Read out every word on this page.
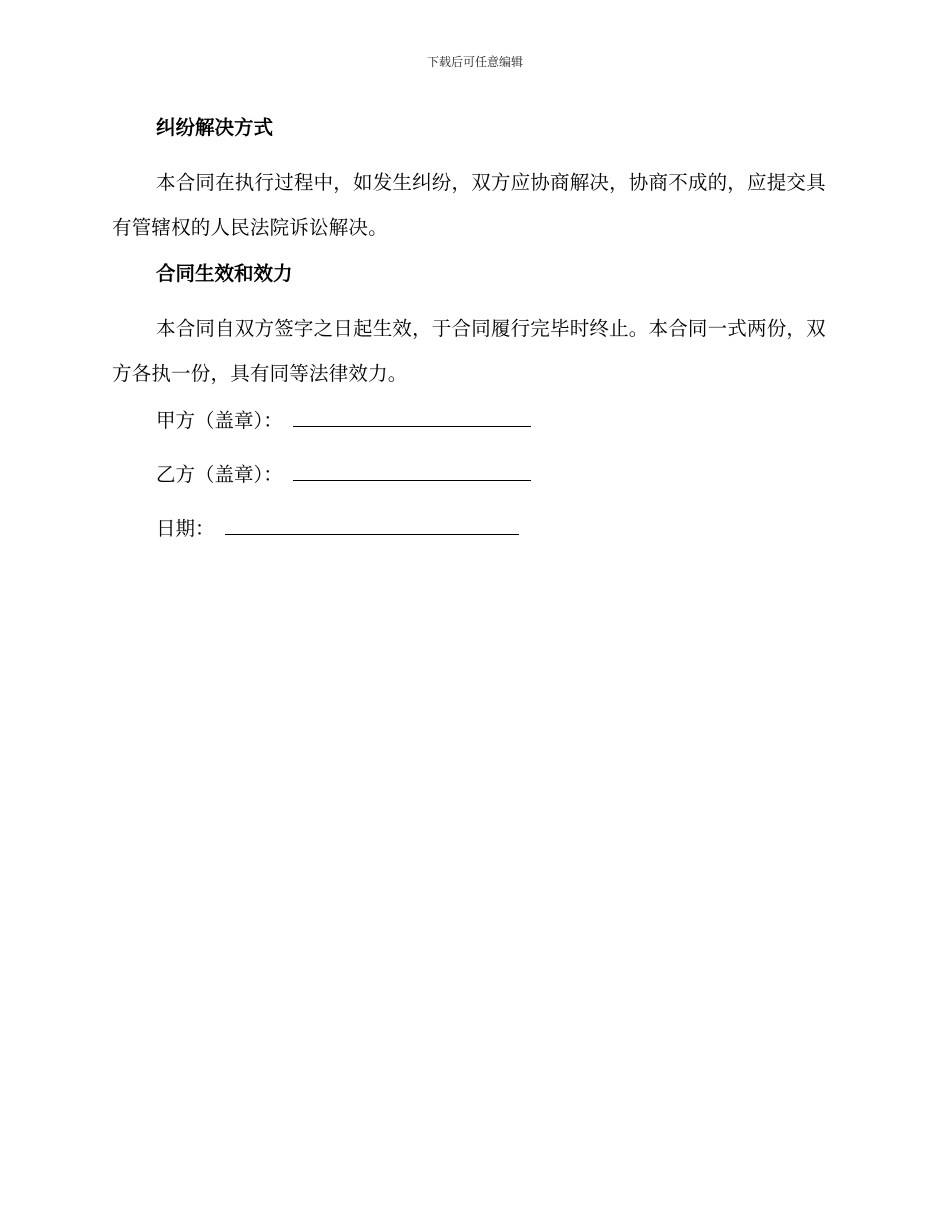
下载后可任意编辑
纠纷解决方式

本合同在执行过程中，如发生纠纷，双方应协商解决，协商不成的，应提交具有管辖权的人民法院诉讼解决。

合同生效和效力

本合同自双方签字之日起生效，于合同履行完毕时终止。本合同一式两份，双方各执一份，具有同等法律效力。

甲方（盖章）：
乙方（盖章）：
日期：
